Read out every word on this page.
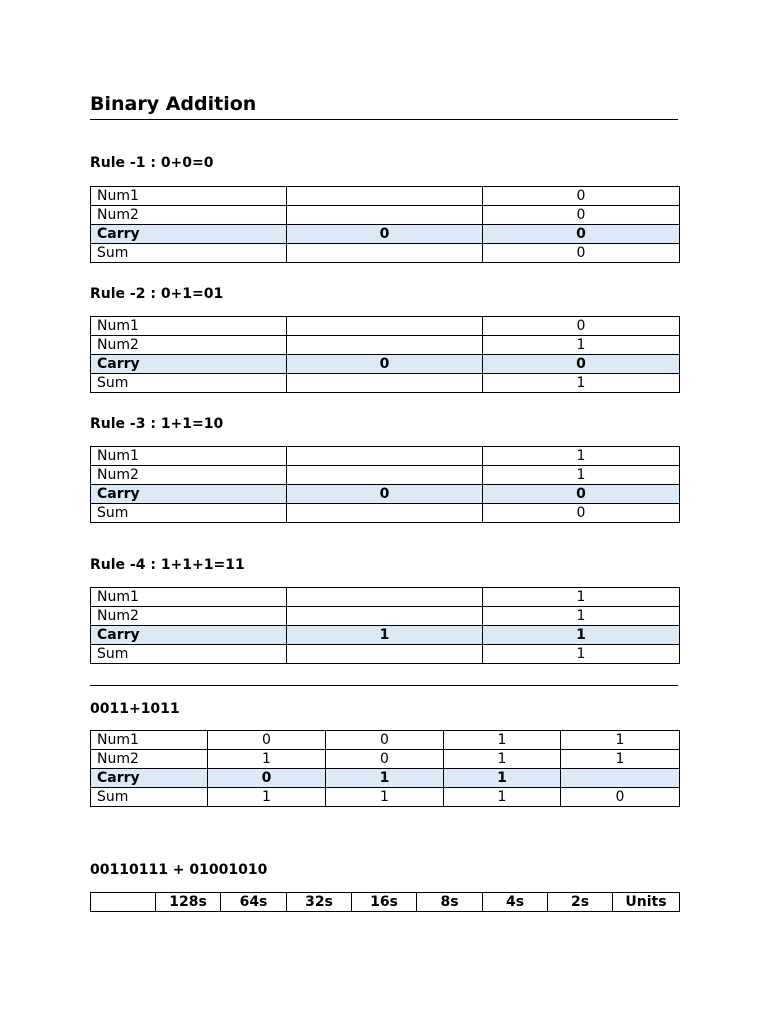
Binary Addition
Rule -1 : 0+0=0
Num1		0
Num2		0
Carry	0	0
Sum		0
Rule -2 : 0+1=01
Num1		0
Num2		1
Carry	0	0
Sum		1
Rule -3 : 1+1=10
Num1		1
Num2		1
Carry	0	0
Sum		0
Rule -4 : 1+1+1=11
Num1		1
Num2		1
Carry	1	1
Sum		1
0011+1011
Num1	0	0	1	1
Num2	1	0	1	1
Carry	0	1	1	
Sum	1	1	1	0
00110111 + 01001010
	128s	64s	32s	16s	8s	4s	2s	Units
